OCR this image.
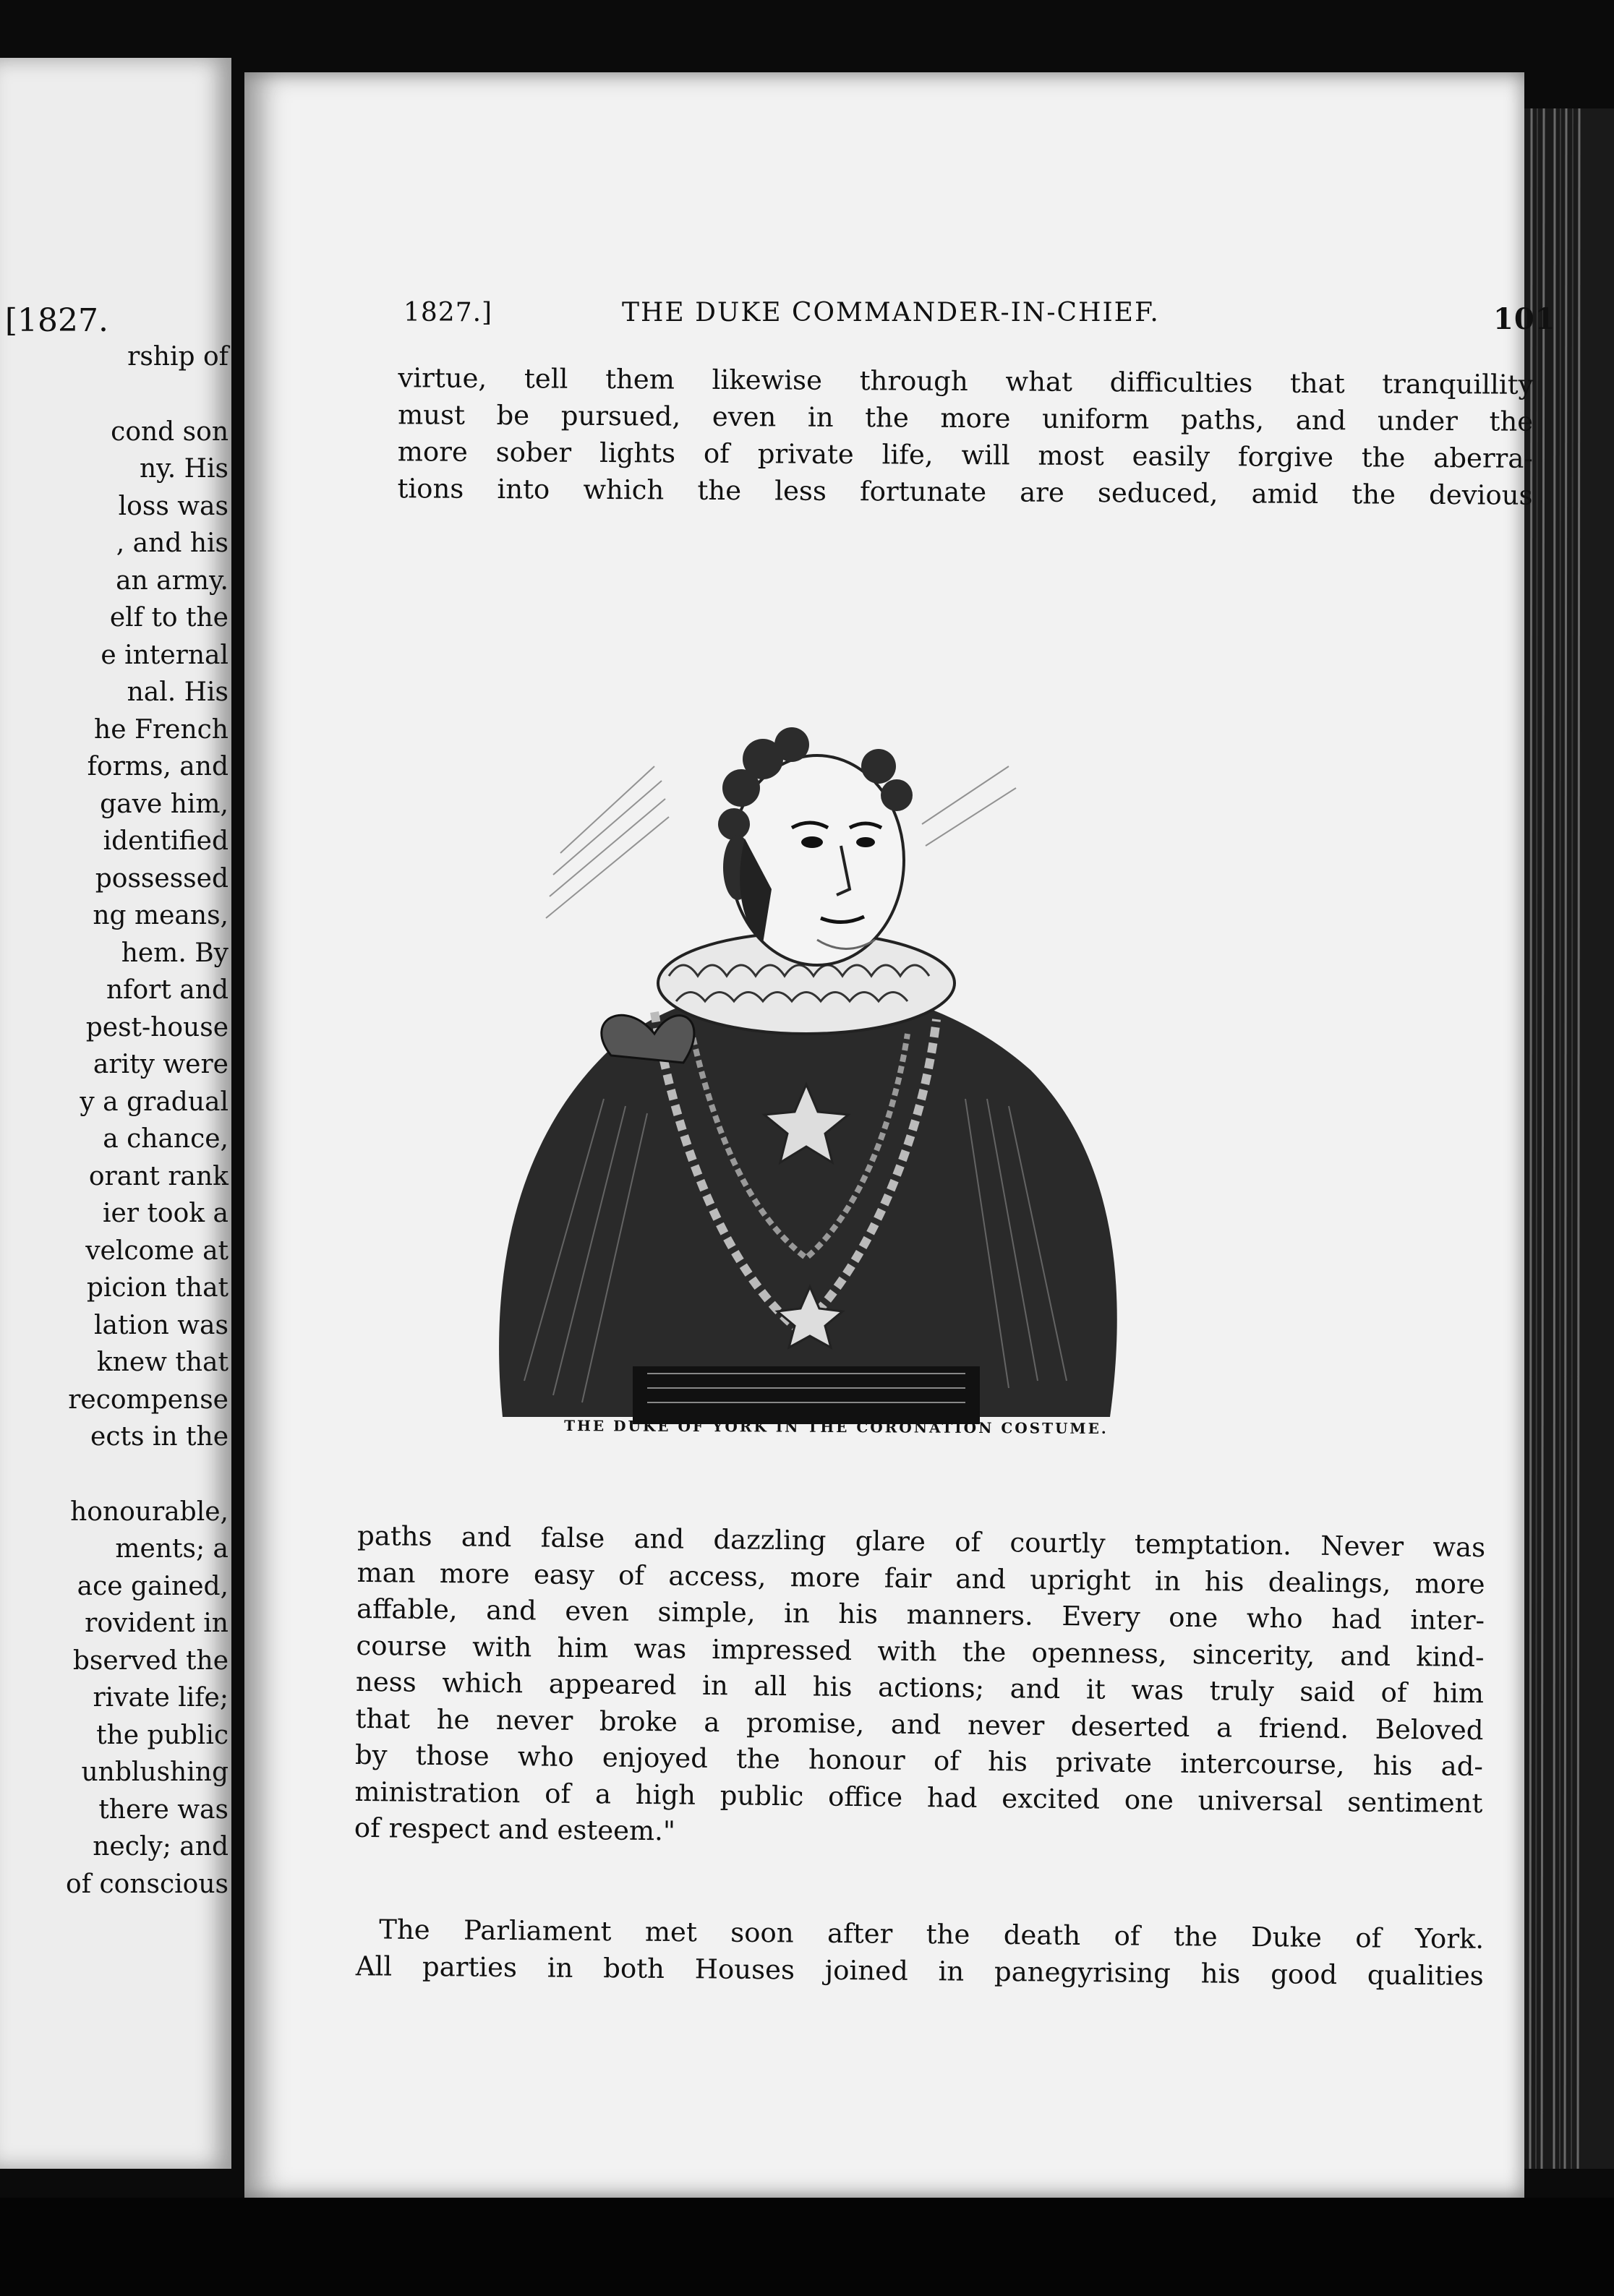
[1827.
rship of
cond son
ny. His
loss was
, and his
an army.
elf to the
e internal
nal. His
he French
forms, and
gave him,
identified
possessed
ng means,
hem. By
nfort and
pest-house
arity were
y a gradual
a chance,
orant rank
ier took a
velcome at
picion that
lation was
knew that
recompense
ects in the
honourable,
ments; a
ace gained,
rovident in
bserved the
rivate life;
the public
unblushing
there was
necly; and
of conscious
1827.]	THE DUKE COMMANDER-IN-CHIEF.	101

virtue, tell them likewise through what difficulties that tranquillity
must be pursued, even in the more uniform paths, and under the
more sober lights of private life, will most easily forgive the aberra-
tions into which the less fortunate are seduced, amid the devious

THE DUKE OF YORK IN THE CORONATION COSTUME.

paths and false and dazzling glare of courtly temptation. Never was
man more easy of access, more fair and upright in his dealings, more
affable, and even simple, in his manners. Every one who had inter-
course with him was impressed with the openness, sincerity, and kind-
ness which appeared in all his actions; and it was truly said of him
that he never broke a promise, and never deserted a friend. Beloved
by those who enjoyed the honour of his private intercourse, his ad-
ministration of a high public office had excited one universal sentiment
of respect and esteem."

The Parliament met soon after the death of the Duke of York.
All parties in both Houses joined in panegyrising his good qualities
